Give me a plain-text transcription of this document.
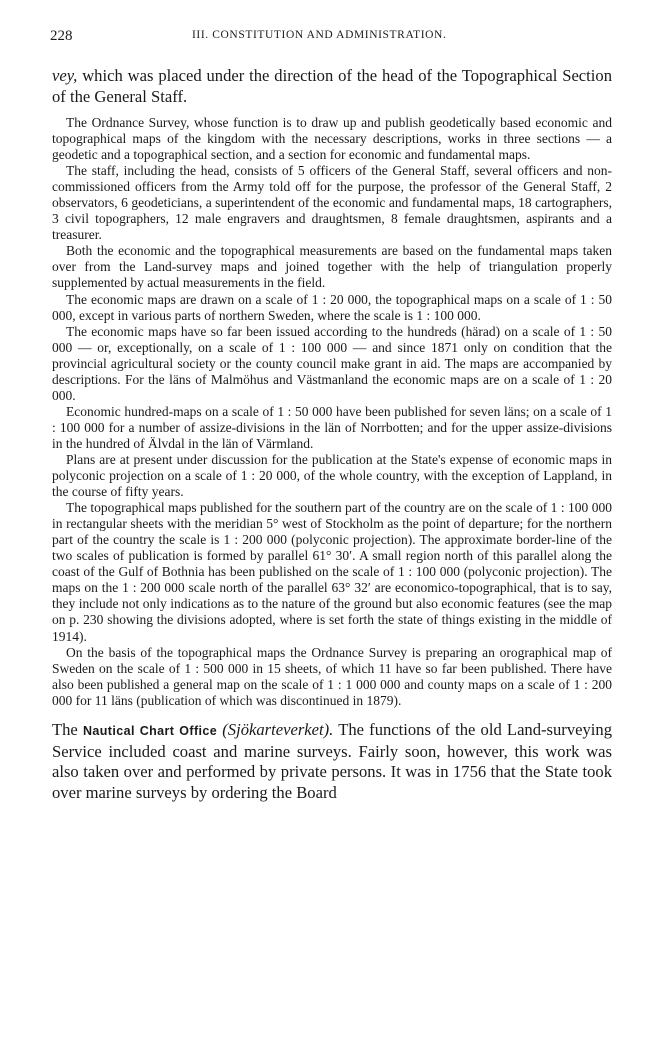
228	III. CONSTITUTION AND ADMINISTRATION.
vey, which was placed under the direction of the head of the Topographical Section of the General Staff.

The Ordnance Survey, whose function is to draw up and publish geodetically based economic and topographical maps of the kingdom with the necessary descriptions, works in three sections — a geodetic and a topographical section, and a section for economic and fundamental maps.

The staff, including the head, consists of 5 officers of the General Staff, several officers and non-commissioned officers from the Army told off for the purpose, the professor of the General Staff, 2 observators, 6 geodeticians, a superintendent of the economic and fundamental maps, 18 cartographers, 3 civil topographers, 12 male engravers and draughtsmen, 8 female draughtsmen, aspirants and a treasurer.

Both the economic and the topographical measurements are based on the fundamental maps taken over from the Land-survey maps and joined together with the help of triangulation properly supplemented by actual measurements in the field.

The economic maps are drawn on a scale of 1 : 20 000, the topographical maps on a scale of 1 : 50 000, except in various parts of northern Sweden, where the scale is 1 : 100 000.

The economic maps have so far been issued according to the hundreds (härad) on a scale of 1 : 50 000 — or, exceptionally, on a scale of 1 : 100 000 — and since 1871 only on condition that the provincial agricultural society or the county council make grant in aid. The maps are accompanied by descriptions. For the läns of Malmöhus and Västmanland the economic maps are on a scale of 1 : 20 000.

Economic hundred-maps on a scale of 1 : 50 000 have been published for seven läns; on a scale of 1 : 100 000 for a number of assize-divisions in the län of Norrbotten; and for the upper assize-divisions in the hundred of Älvdal in the län of Värmland.

Plans are at present under discussion for the publication at the State's expense of economic maps in polyconic projection on a scale of 1 : 20 000, of the whole country, with the exception of Lappland, in the course of fifty years.

The topographical maps published for the southern part of the country are on the scale of 1 : 100 000 in rectangular sheets with the meridian 5° west of Stockholm as the point of departure; for the northern part of the country the scale is 1 : 200 000 (polyconic projection). The approximate border-line of the two scales of publication is formed by parallel 61° 30′. A small region north of this parallel along the coast of the Gulf of Bothnia has been published on the scale of 1 : 100 000 (polyconic projection). The maps on the 1 : 200 000 scale north of the parallel 63° 32′ are economico-topographical, that is to say, they include not only indications as to the nature of the ground but also economic features (see the map on p. 230 showing the divisions adopted, where is set forth the state of things existing in the middle of 1914).

On the basis of the topographical maps the Ordnance Survey is preparing an orographical map of Sweden on the scale of 1 : 500 000 in 15 sheets, of which 11 have so far been published. There have also been published a general map on the scale of 1 : 1 000 000 and county maps on a scale of 1 : 200 000 for 11 läns (publication of which was discontinued in 1879).

The Nautical Chart Office (Sjökarteverket). The functions of the old Land-surveying Service included coast and marine surveys. Fairly soon, however, this work was also taken over and performed by private persons. It was in 1756 that the State took over marine surveys by ordering the Board
